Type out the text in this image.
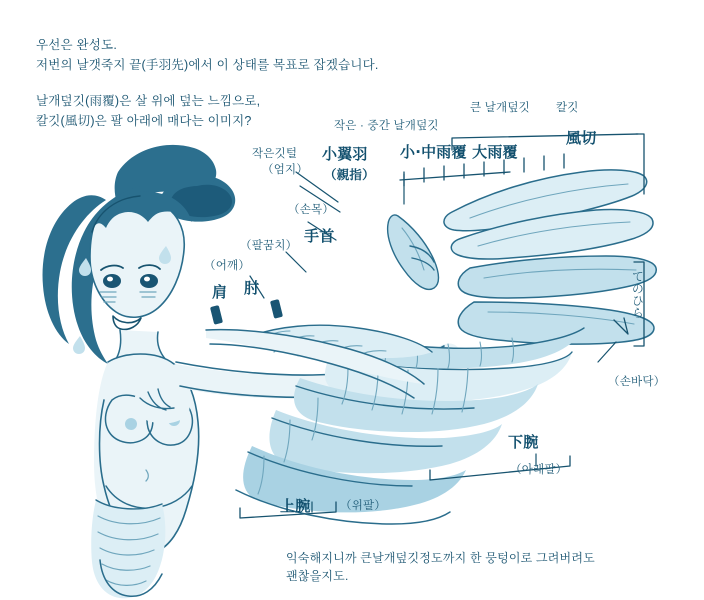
우선은 완성도.
저번의 날갯죽지 끝(手羽先)에서 이 상태를 목표로 잡겠습니다.
날개덮깃(雨覆)은 살 위에 덮는 느낌으로,
칼깃(風切)은 팔 아래에 매다는 이미지?
작은깃털
（엄지）
小翼羽
（親指）
작은 · 중간 날개덮깃
큰 날개덮깃 칼깃
小·中雨覆 大雨覆
風切
（손목）
手首
（팔꿈치）
（어깨）
肩 肘	てのひら
（손바닥）
下腕
（아래팔）
上腕	（위팔）
익숙해지니까 큰날개덮깃정도까지 한 뭉텅이로 그려버려도
괜찮을지도.
